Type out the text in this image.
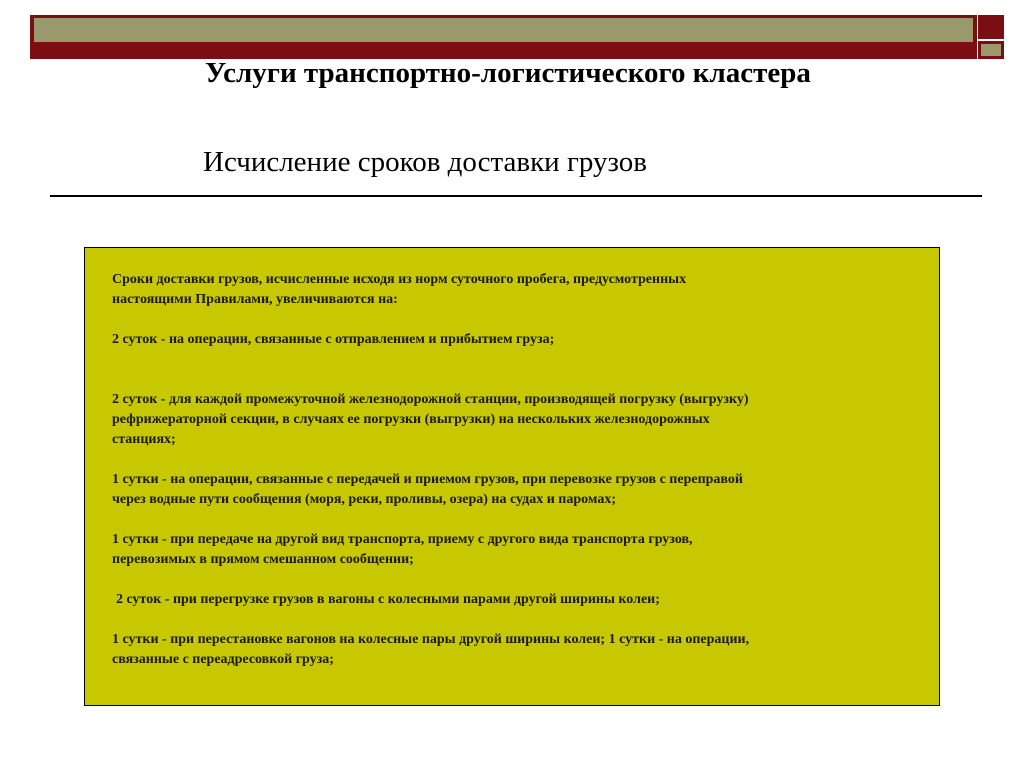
Услуги транспортно-логистического кластера
Исчисление сроков доставки грузов

Сроки доставки грузов, исчисленные исходя из норм суточного пробега, предусмотренных
настоящими Правилами, увеличиваются на:

2 суток - на операции, связанные с отправлением и прибытием груза;

2 суток - для каждой промежуточной железнодорожной станции, производящей погрузку (выгрузку)
рефрижераторной секции, в случаях ее погрузки (выгрузки) на нескольких железнодорожных
станциях;

1 сутки - на операции, связанные с передачей и приемом грузов, при перевозке грузов с переправой
через водные пути сообщения (моря, реки, проливы, озера) на судах и паромах;

1 сутки - при передаче на другой вид транспорта, приему с другого вида транспорта грузов,
перевозимых в прямом смешанном сообщении;

2 суток - при перегрузке грузов в вагоны с колесными парами другой ширины колеи;

1 сутки - при перестановке вагонов на колесные пары другой ширины колеи; 1 сутки - на операции,
связанные с переадресовкой груза;
